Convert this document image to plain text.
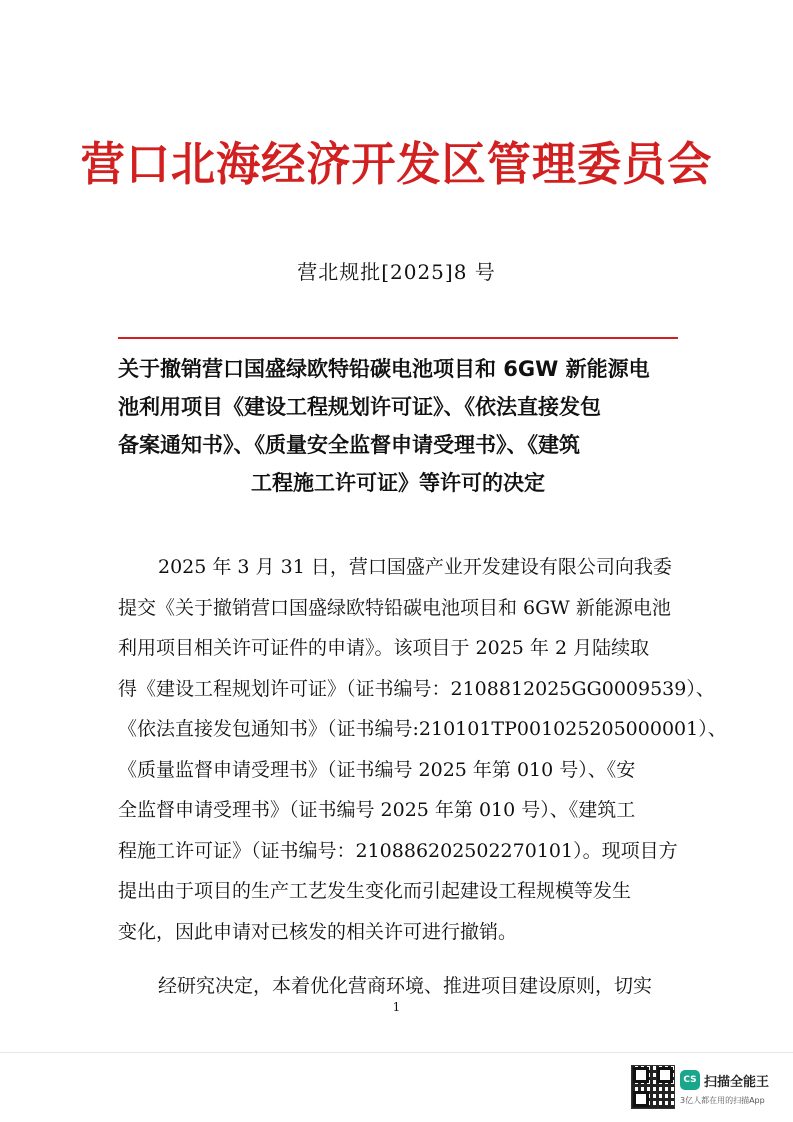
营口北海经济开发区管理委员会
营北规批[2025]8 号
关于撤销营口国盛绿欧特铅碳电池项目和 6GW 新能源电
池利用项目《建设工程规划许可证》、《依法直接发包
备案通知书》、《质量安全监督申请受理书》、《建筑
工程施工许可证》等许可的决定
2025 年 3 月 31 日，营口国盛产业开发建设有限公司向我委
提交《关于撤销营口国盛绿欧特铅碳电池项目和 6GW 新能源电池
利用项目相关许可证件的申请》。该项目于 2025 年 2 月陆续取
得《建设工程规划许可证》（证书编号：2108812025GG0009539）、
《依法直接发包通知书》（证书编号:210101TP001025205000001）、
《质量监督申请受理书》（证书编号 2025 年第 010 号）、《安
全监督申请受理书》（证书编号 2025 年第 010 号）、《建筑工
程施工许可证》（证书编号：210886202502270101）。现项目方
提出由于项目的生产工艺发生变化而引起建设工程规模等发生
变化，因此申请对已核发的相关许可进行撤销。
经研究决定，本着优化营商环境、推进项目建设原则，切实
1
CS 扫描全能王
3亿人都在用的扫描App
